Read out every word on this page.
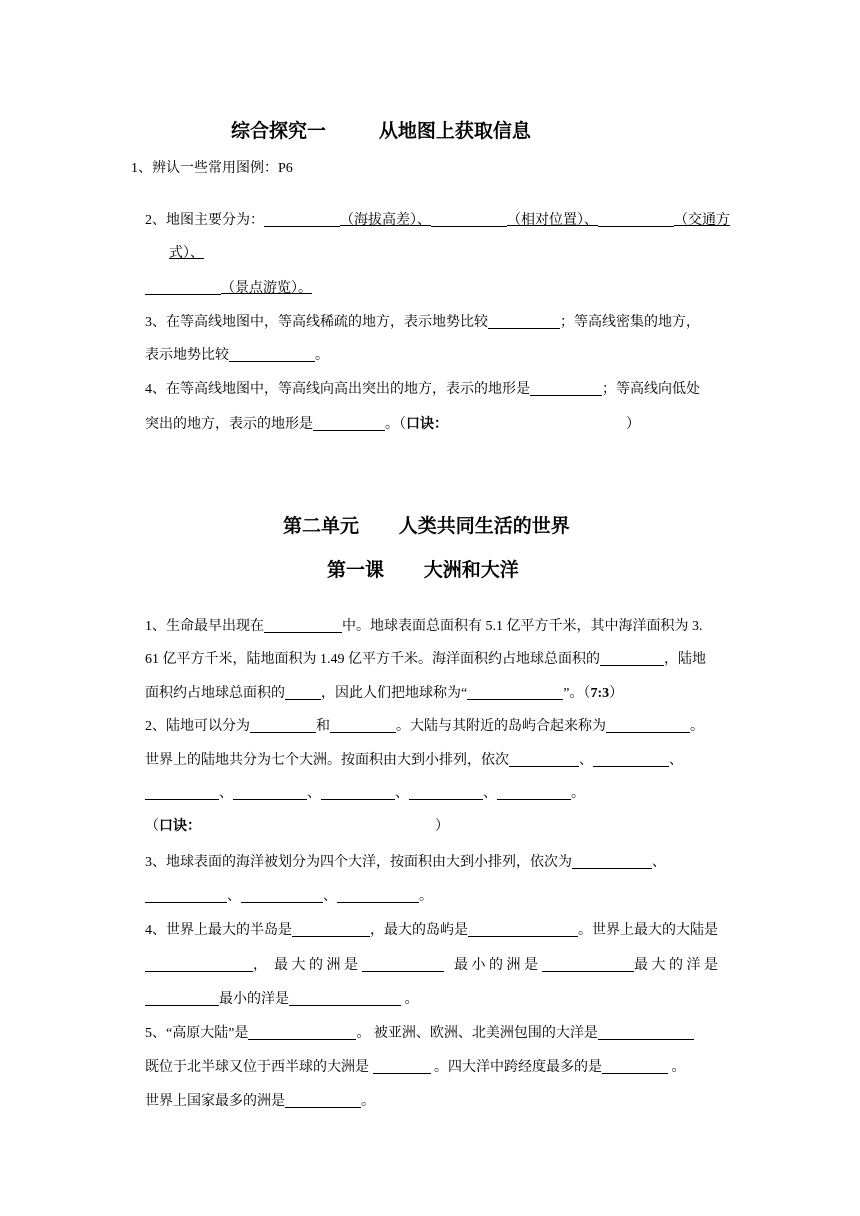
综合探究一        从地图上获取信息
1、辨认一些常用图例：P6

2、地图主要分为：	（海拔高差）、	（相对位置）、	（交通方

式）、

（景点游览）。

3、在等高线地图中，等高线稀疏的地方，表示地势比较	；等高线密集的地方，

表示地势比较	。

4、在等高线地图中，等高线向高出突出的地方，表示的地形是	；等高线向低处

突出的地方，表示的地形是	。（口诀：	）

第二单元      人类共同生活的世界
第一课      大洲和大洋

1、生命最早出现在	中。地球表面总面积有 5.1 亿平方千米，其中海洋面积为 3.

61 亿平方千米，陆地面积为 1.49 亿平方千米。海洋面积约占地球总面积的	，陆地

面积约占地球总面积的	，因此人们把地球称为“	”。（7:3）

2、陆地可以分为	和	。大陆与其附近的岛屿合起来称为	。

世界上的陆地共分为七个大洲。按面积由大到小排列，依次	、	、

、	、	、	、	。

（口诀：	）

3、地球表面的海洋被划分为四个大洋，按面积由大到小排列，依次为	、

、	、	。

4、世界上最大的半岛是	，最大的岛屿是	。世界上最大的大陆是

，  最 大 的 洲 是	最 小 的 洲 是	最 大 的 洋 是

最小的洋是	。

5、“高原大陆”是	。 被亚洲、欧洲、北美洲包围的大洋是

既位于北半球又位于西半球的大洲是	。四大洋中跨经度最多的是	。

世界上国家最多的洲是	。
